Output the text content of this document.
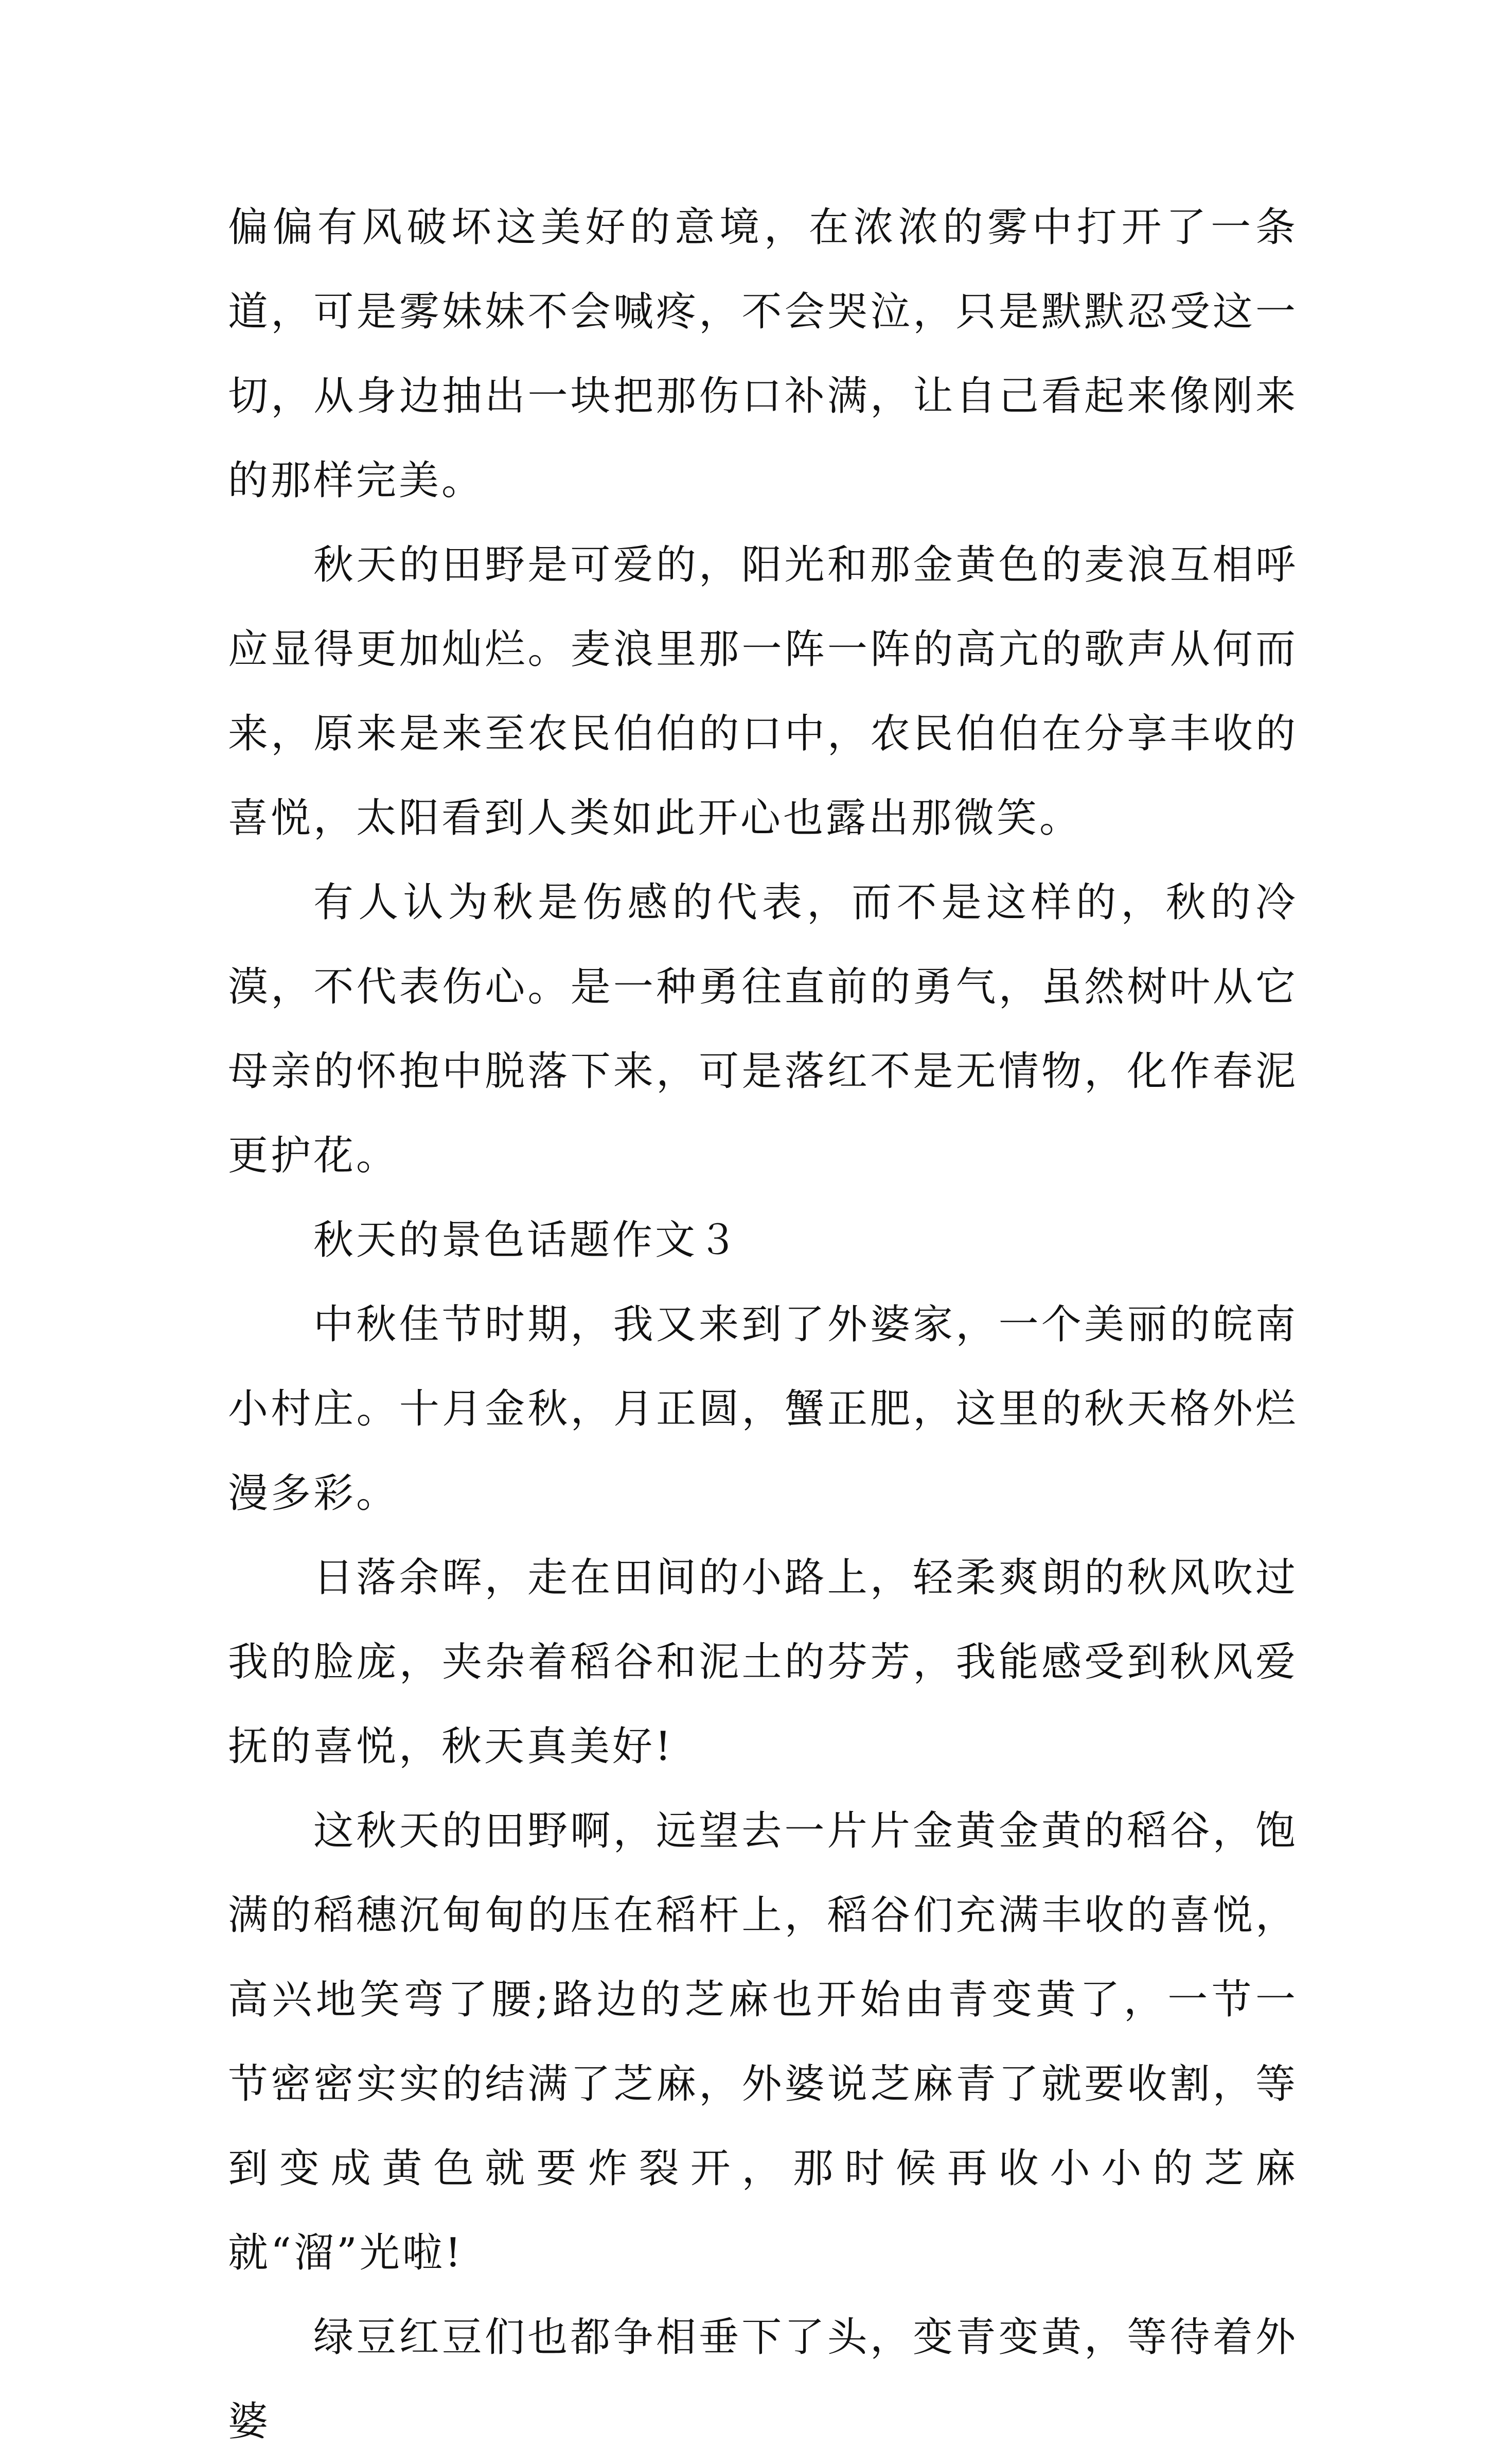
偏偏有风破坏这美好的意境，在浓浓的雾中打开了一条道，可是雾妹妹不会喊疼，不会哭泣，只是默默忍受这一切，从身边抽出一块把那伤口补满，让自己看起来像刚来的那样完美。

秋天的田野是可爱的，阳光和那金黄色的麦浪互相呼应显得更加灿烂。麦浪里那一阵一阵的高亢的歌声从何而来，原来是来至农民伯伯的口中，农民伯伯在分享丰收的喜悦，太阳看到人类如此开心也露出那微笑。

有人认为秋是伤感的代表，而不是这样的，秋的冷漠，不代表伤心。是一种勇往直前的勇气，虽然树叶从它母亲的怀抱中脱落下来，可是落红不是无情物，化作春泥更护花。

秋天的景色话题作文３

中秋佳节时期，我又来到了外婆家，一个美丽的皖南小村庄。十月金秋，月正圆，蟹正肥，这里的秋天格外烂漫多彩。

日落余晖，走在田间的小路上，轻柔爽朗的秋风吹过我的脸庞，夹杂着稻谷和泥土的芬芳，我能感受到秋风爱抚的喜悦，秋天真美好!

这秋天的田野啊，远望去一片片金黄金黄的稻谷，饱满的稻穗沉甸甸的压在稻杆上，稻谷们充满丰收的喜悦，高兴地笑弯了腰;路边的芝麻也开始由青变黄了，一节一节密密实实的结满了芝麻，外婆说芝麻青了就要收割，等到变成黄色就要炸裂开，那时候再收小小的芝麻就“溜”光啦!

绿豆红豆们也都争相垂下了头，变青变黄，等待着外婆
